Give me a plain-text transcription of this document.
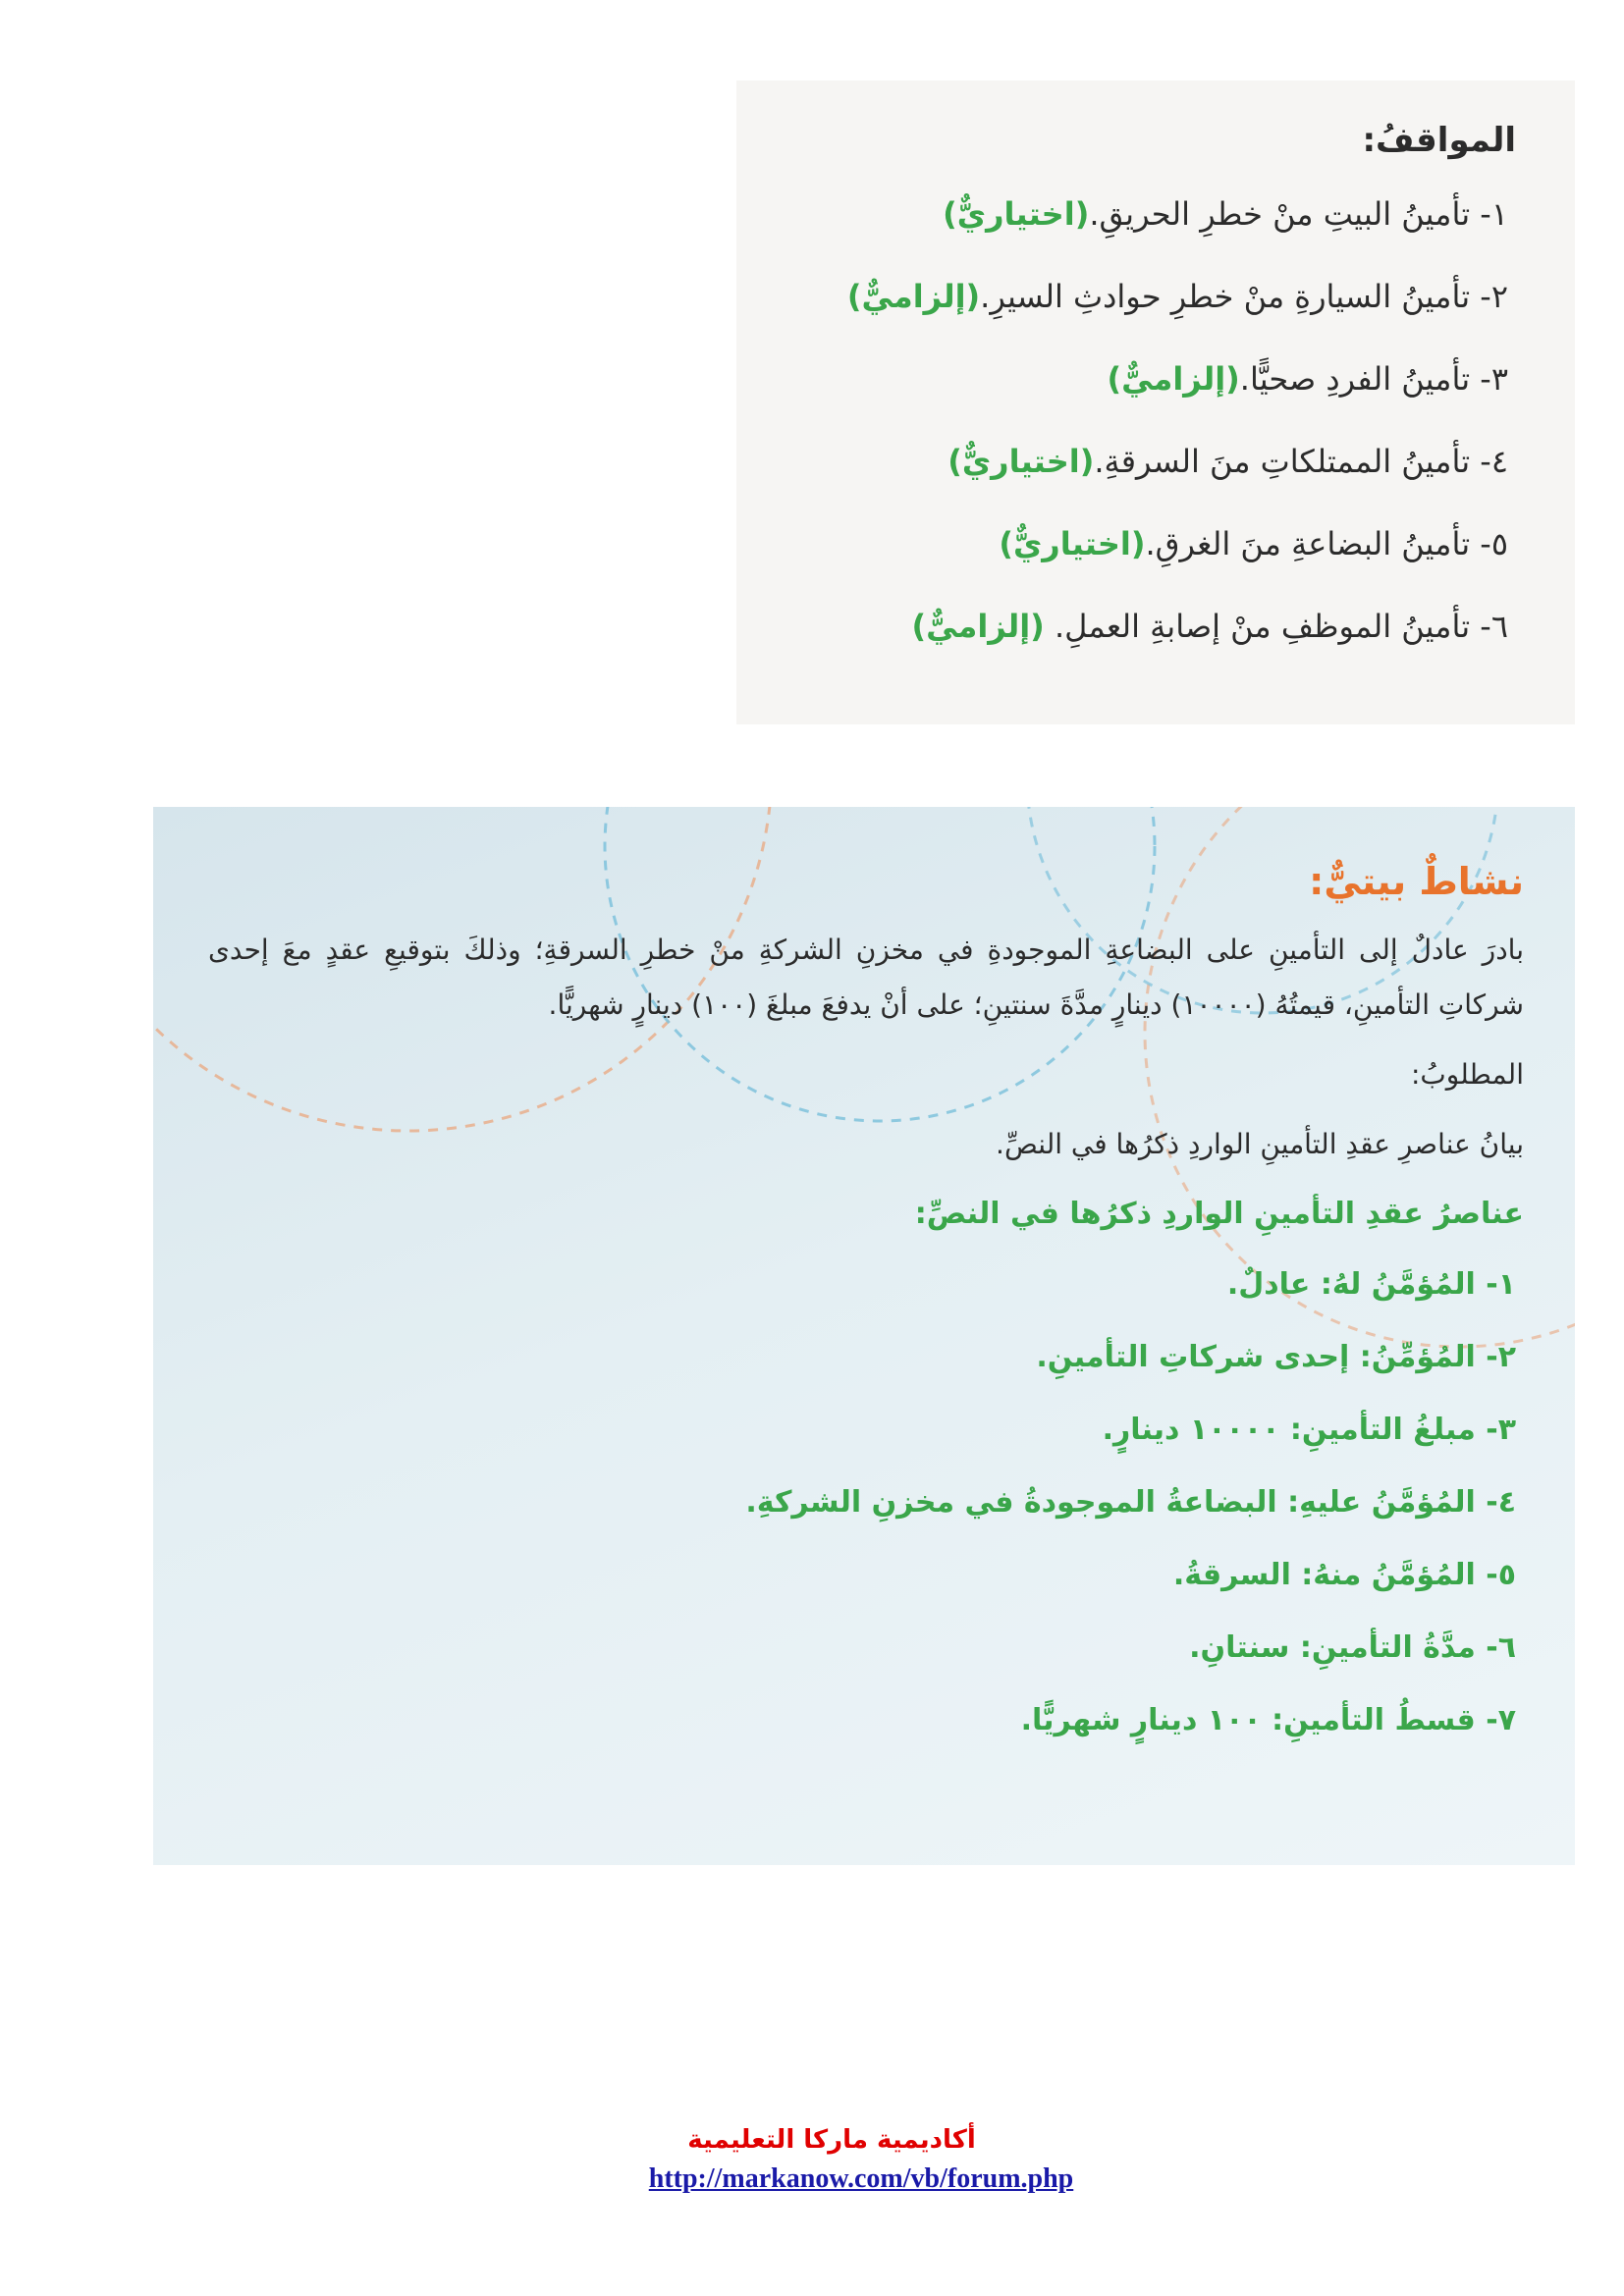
المواقفُ:
١- تأمينُ البيتِ منْ خطرِ الحريقِ.(اختياريٌّ)
٢- تأمينُ السيارةِ منْ خطرِ حوادثِ السيرِ.(إلزاميٌّ)
٣- تأمينُ الفردِ صحيًّا.(إلزاميٌّ)
٤- تأمينُ الممتلكاتِ منَ السرقةِ.(اختياريٌّ)
٥- تأمينُ البضاعةِ منَ الغرقِ.(اختياريٌّ)
٦- تأمينُ الموظفِ منْ إصابةِ العملِ. (إلزاميٌّ)
نشاطٌ بيتيٌّ:

بادرَ عادلٌ إلى التأمينِ على البضاعةِ الموجودةِ في مخزنِ الشركةِ منْ خطرِ السرقةِ؛ وذلكَ بتوقيعِ عقدٍ معَ إحدى شركاتِ التأمينِ، قيمتُهُ (١٠٠٠٠) دينارٍ مدَّةَ سنتينِ؛ على أنْ يدفعَ مبلغَ (١٠٠) دينارٍ شهريًّا.

المطلوبُ:

بيانُ عناصرِ عقدِ التأمينِ الواردِ ذكرُها في النصِّ.

عناصرُ عقدِ التأمينِ الواردِ ذكرُها في النصِّ:

١- المُؤمَّنُ لهُ: عادلٌ.
٢- المُؤمِّنُ: إحدى شركاتِ التأمينِ.
٣- مبلغُ التأمينِ: ١٠٠٠٠ دينارٍ.
٤- المُؤمَّنُ عليهِ: البضاعةُ الموجودةُ في مخزنِ الشركةِ.
٥- المُؤمَّنُ منهُ: السرقةُ.
٦- مدَّةُ التأمينِ: سنتانِ.
٧- قسطُ التأمينِ: ١٠٠ دينارٍ شهريًّا.
أكاديمية ماركا التعليمية
http://markanow.com/vb/forum.php
